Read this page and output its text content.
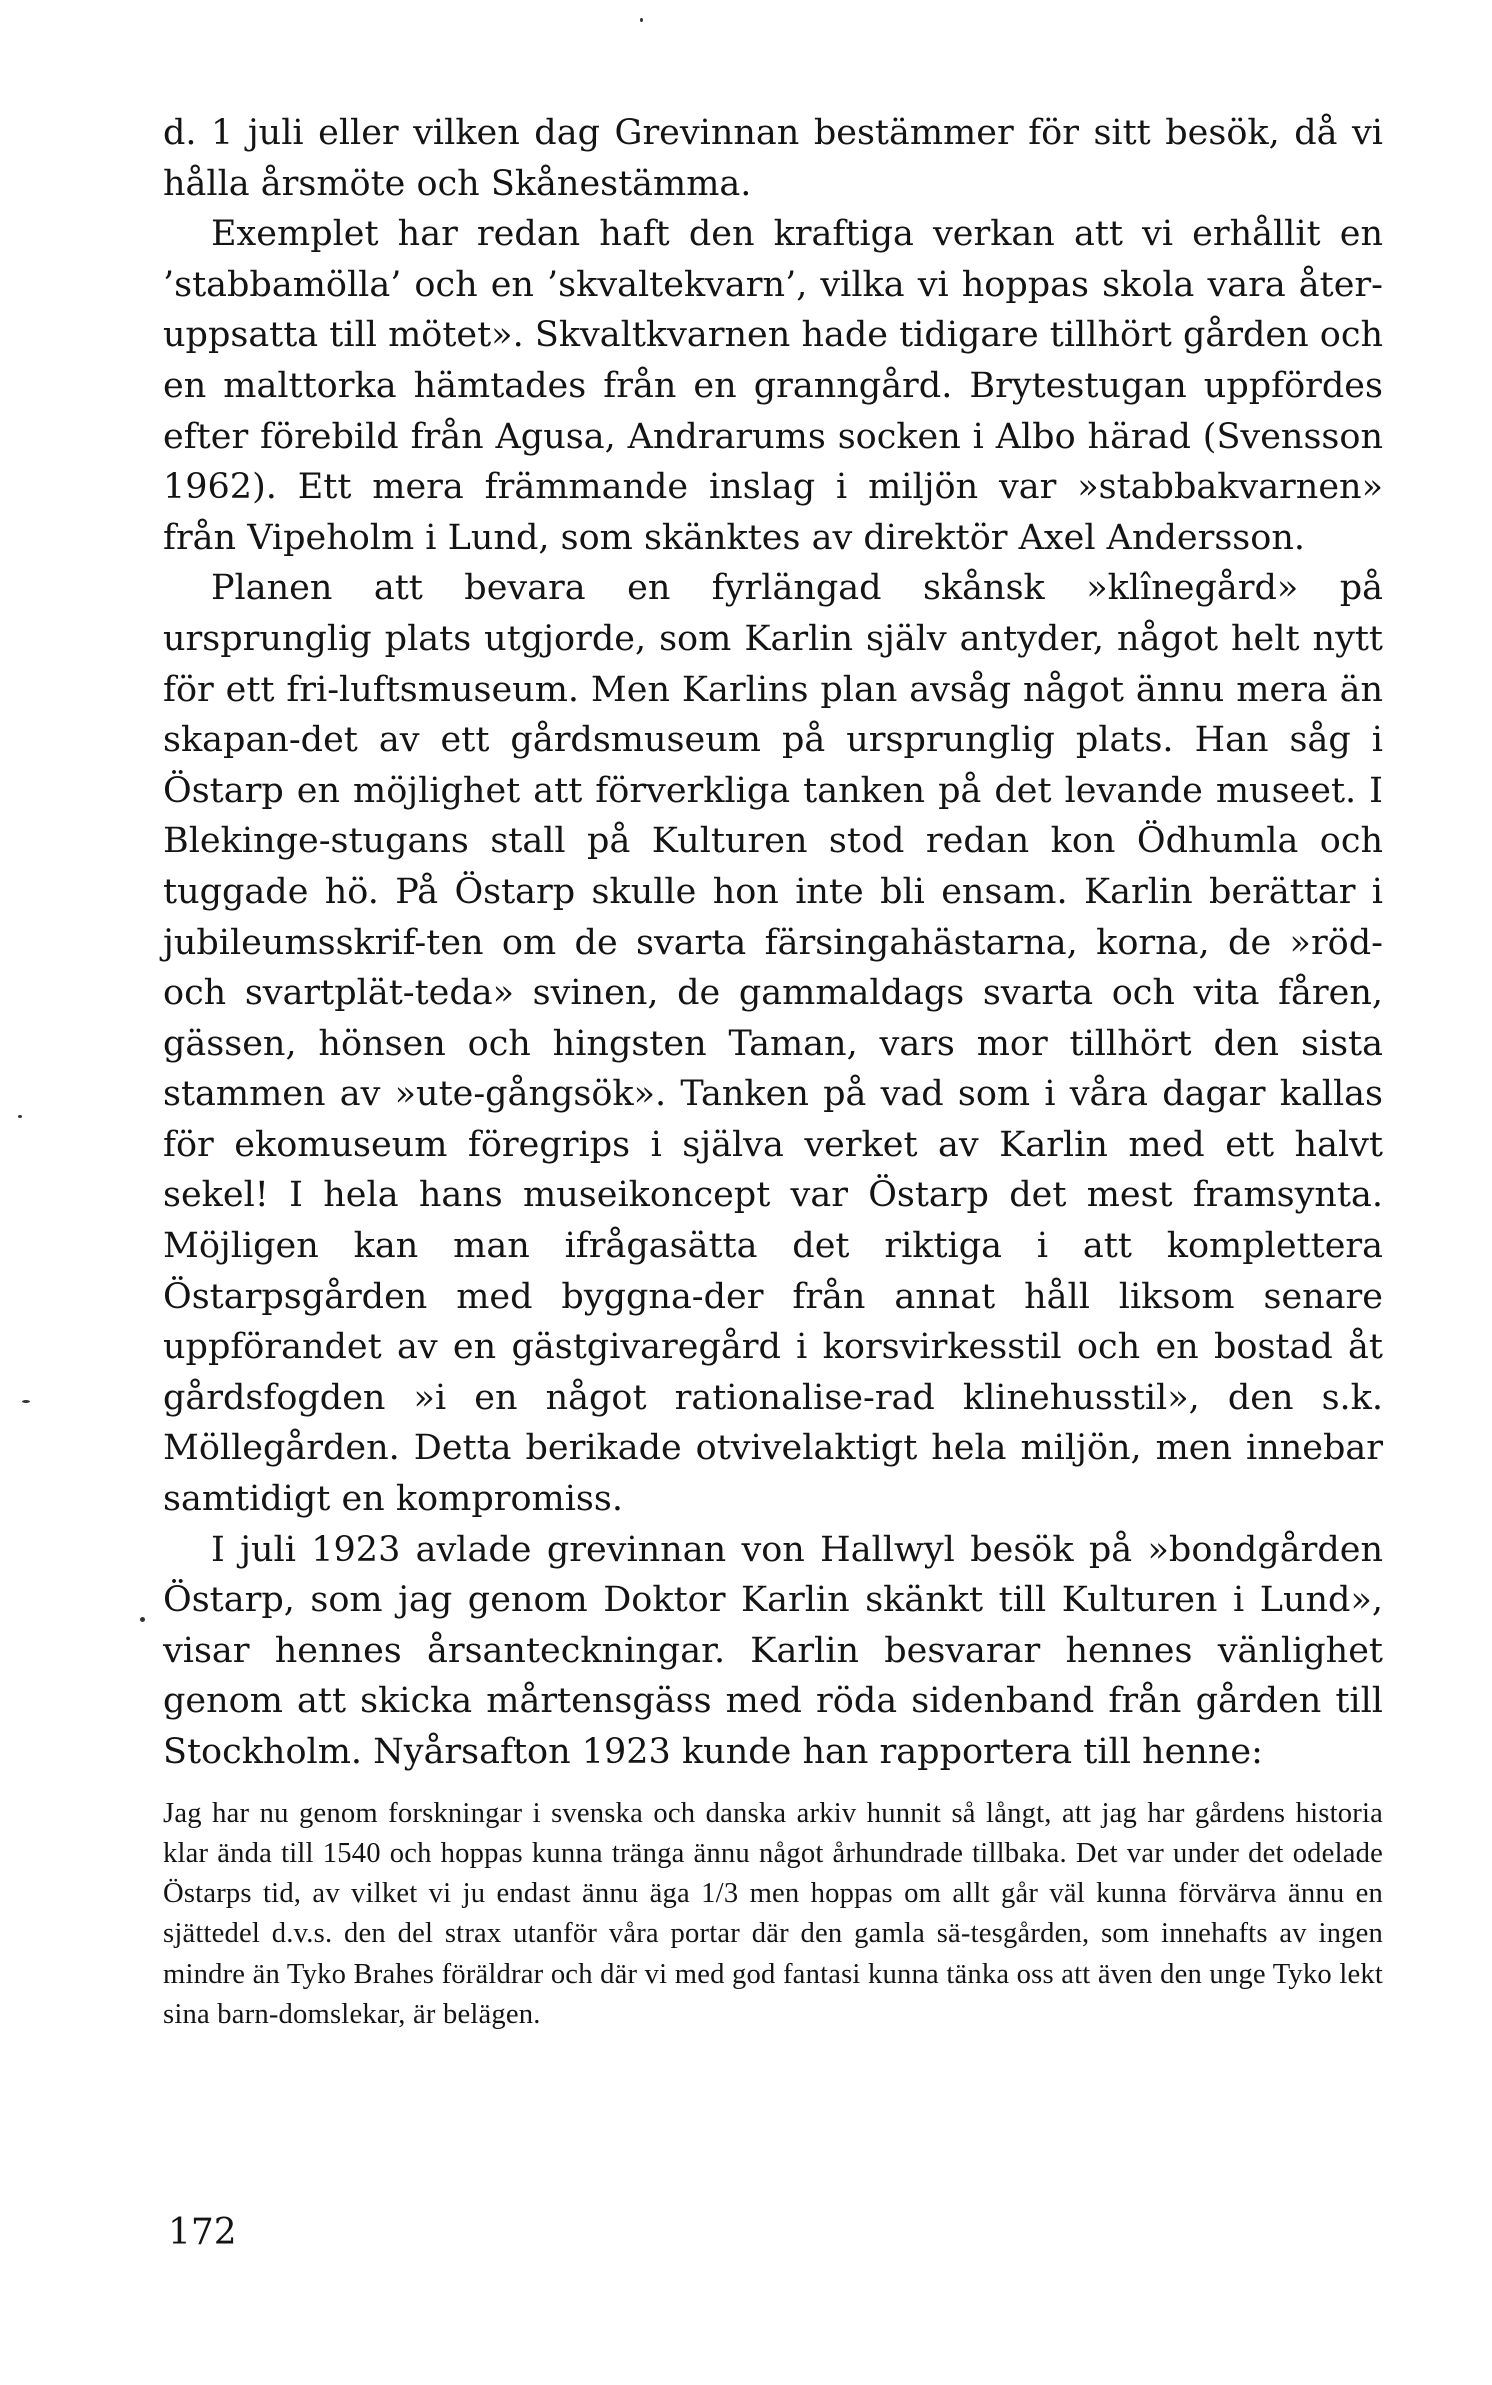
d. 1 juli eller vilken dag Grevinnan bestämmer för sitt besök, då vi hålla årsmöte och Skånestämma.

Exemplet har redan haft den kraftiga verkan att vi erhållit en ’stabbamölla’ och en ’skvaltekvarn’, vilka vi hoppas skola vara åter-uppsatta till mötet». Skvaltkvarnen hade tidigare tillhört gården och en malttorka hämtades från en granngård. Brytestugan uppfördes efter förebild från Agusa, Andrarums socken i Albo härad (Svensson 1962). Ett mera främmande inslag i miljön var »stabbakvarnen» från Vipeholm i Lund, som skänktes av direktör Axel Andersson.

Planen att bevara en fyrlängad skånsk »klînegård» på ursprunglig plats utgjorde, som Karlin själv antyder, något helt nytt för ett fri-luftsmuseum. Men Karlins plan avsåg något ännu mera än skapan-det av ett gårdsmuseum på ursprunglig plats. Han såg i Östarp en möjlighet att förverkliga tanken på det levande museet. I Blekinge-stugans stall på Kulturen stod redan kon Ödhumla och tuggade hö. På Östarp skulle hon inte bli ensam. Karlin berättar i jubileumsskrif-ten om de svarta färsingahästarna, korna, de »röd- och svartplät-teda» svinen, de gammaldags svarta och vita fåren, gässen, hönsen och hingsten Taman, vars mor tillhört den sista stammen av »ute-gångsök». Tanken på vad som i våra dagar kallas för ekomuseum föregrips i själva verket av Karlin med ett halvt sekel! I hela hans museikoncept var Östarp det mest framsynta. Möjligen kan man ifrågasätta det riktiga i att komplettera Östarpsgården med byggna-der från annat håll liksom senare uppförandet av en gästgivaregård i korsvirkesstil och en bostad åt gårdsfogden »i en något rationalise-rad klinehusstil», den s.k. Möllegården. Detta berikade otvivelaktigt hela miljön, men innebar samtidigt en kompromiss.

I juli 1923 avlade grevinnan von Hallwyl besök på »bondgården Östarp, som jag genom Doktor Karlin skänkt till Kulturen i Lund», visar hennes årsanteckningar. Karlin besvarar hennes vänlighet genom att skicka mårtensgäss med röda sidenband från gården till Stockholm. Nyårsafton 1923 kunde han rapportera till henne:

Jag har nu genom forskningar i svenska och danska arkiv hunnit så långt, att jag har gårdens historia klar ända till 1540 och hoppas kunna tränga ännu något århundrade tillbaka. Det var under det odelade Östarps tid, av vilket vi ju endast ännu äga 1/3 men hoppas om allt går väl kunna förvärva ännu en sjättedel d.v.s. den del strax utanför våra portar där den gamla sä-tesgården, som innehafts av ingen mindre än Tyko Brahes föräldrar och där vi med god fantasi kunna tänka oss att även den unge Tyko lekt sina barn-domslekar, är belägen.

172
